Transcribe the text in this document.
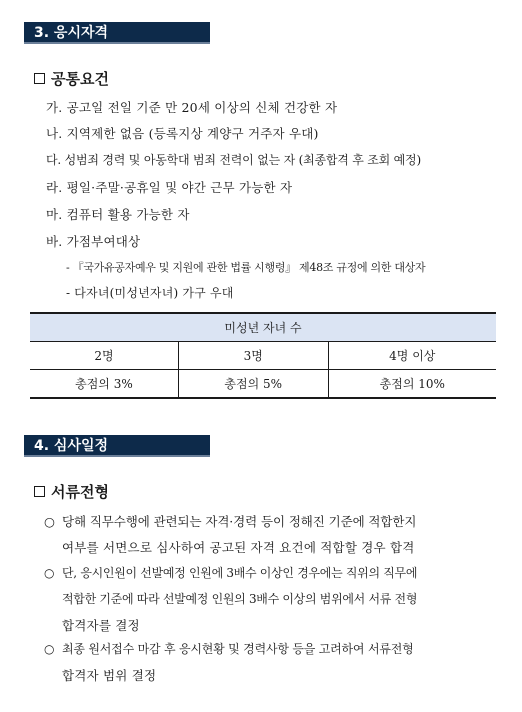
3. 응시자격
공통요건
가. 공고일 전일 기준 만 20세 이상의 신체 건강한 자
나. 지역제한 없음 (등록지상 계양구 거주자 우대)
다. 성범죄 경력 및 아동학대 범죄 전력이 없는 자 (최종합격 후 조회 예정)
라. 평일·주말·공휴일 및 야간 근무 가능한 자
마. 컴퓨터 활용 가능한 자
바. 가점부여대상
- 『국가유공자예우 및 지원에 관한 법률 시행령』 제48조 규정에 의한 대상자
- 다자녀(미성년자녀) 가구 우대
미성년 자녀 수		
2명	3명	4명 이상
총점의 3%	총점의 5%	총점의 10%
4. 심사일정
서류전형
○ 당해 직무수행에 관련되는 자격·경력 등이 정해진 기준에 적합한지
여부를 서면으로 심사하여 공고된 자격 요건에 적합할 경우 합격
○ 단, 응시인원이 선발예정 인원에 3배수 이상인 경우에는 직위의 직무에
적합한 기준에 따라 선발예정 인원의 3배수 이상의 범위에서 서류 전형
합격자를 결정
○ 최종 원서접수 마감 후 응시현황 및 경력사항 등을 고려하여 서류전형
합격자 범위 결정
